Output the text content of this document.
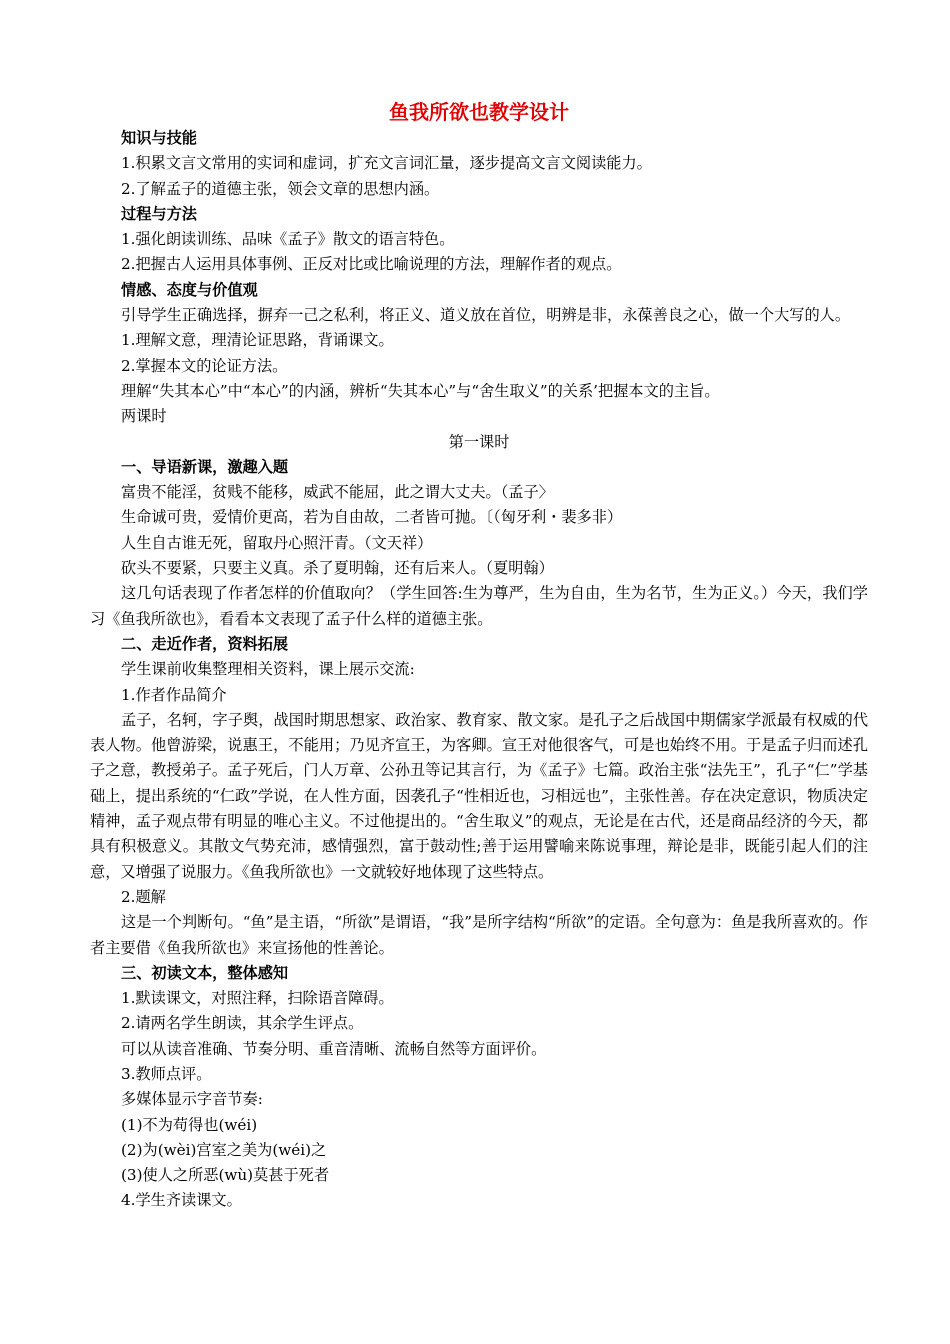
鱼我所欲也教学设计
知识与技能
1.积累文言文常用的实词和虚词，扩充文言词汇量，逐步提高文言文阅读能力。
2.了解孟子的道德主张，领会文章的思想内涵。
过程与方法
1.强化朗读训练、品味《孟子》散文的语言特色。
2.把握古人运用具体事例、正反对比或比喻说理的方法，理解作者的观点。
情感、态度与价值观
引导学生正确选择，摒弃一己之私利，将正义、道义放在首位，明辨是非，永葆善良之心，做一个大写的人。
1.理解文意，理清论证思路，背诵课文。
2.掌握本文的论证方法。
理解“失其本心”中“本心”的内涵，辨析“失其本心”与“舍生取义”的关系’把握本文的主旨。
两课时
第一课时
一、导语新课，激趣入题
富贵不能淫，贫贱不能移，威武不能屈，此之谓大丈夫。（孟子〉
生命诚可贵，爱情价更高，若为自由故，二者皆可抛。〔（匈牙利・裴多非）
人生自古谁无死，留取丹心照汗青。（文天祥）
砍头不要紧，只要主义真。杀了夏明翰，还有后来人。（夏明翰）
这几句话表现了作者怎样的价值取向？（学生回答:生为尊严，生为自由，生为名节，生为正义。）今天，我们学习《鱼我所欲也》，看看本文表现了孟子什么样的道德主张。
二、走近作者，资料拓展
学生课前收集整理相关资料，课上展示交流:
1.作者作品简介
孟子，名轲，字子舆，战国时期思想家、政治家、教育家、散文家。是孔子之后战国中期儒家学派最有权威的代表人物。他曾游梁，说惠王，不能用；乃见齐宣王，为客卿。宣王对他很客气，可是也始终不用。于是孟子归而述孔子之意，教授弟子。孟子死后，门人万章、公孙丑等记其言行，为《孟子》七篇。政治主张“法先王”，孔子“仁”学基础上，提出系统的“仁政”学说，在人性方面，因袭孔子“性相近也，习相远也”，主张性善。存在决定意识，物质决定精神，孟子观点带有明显的唯心主义。不过他提出的。“舍生取义”的观点，无论是在古代，还是商品经济的今天，都具有积极意义。其散文气势充沛，感情强烈，富于鼓动性;善于运用譬喻来陈说事理，辩论是非，既能引起人们的注意，又增强了说服力。《鱼我所欲也》一文就较好地体现了这些特点。
2.题解
这是一个判断句。“鱼”是主语，“所欲”是谓语，“我”是所字结构“所欲”的定语。全句意为：鱼是我所喜欢的。作者主要借《鱼我所欲也》来宣扬他的性善论。
三、初读文本，整体感知
1.默读课文，对照注释，扫除语音障碍。
2.请两名学生朗读，其余学生评点。
可以从读音准确、节奏分明、重音清晰、流畅自然等方面评价。
3.教师点评。
多媒体显示字音节奏:
(1)不为苟得也(wéi)
(2)为(wèi)宫室之美为(wéi)之
(3)使人之所恶(wù)莫甚于死者
4.学生齐读课文。
